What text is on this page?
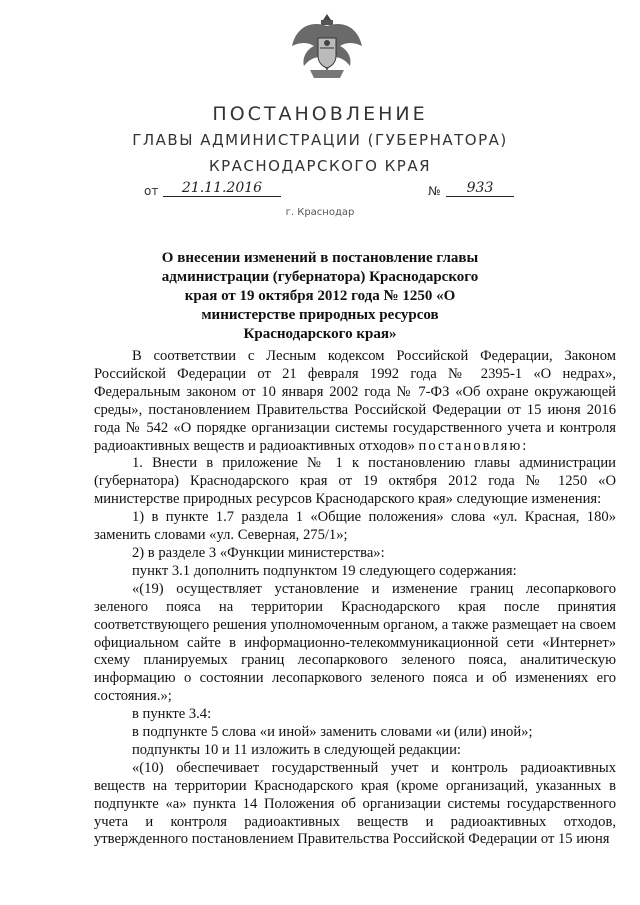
ПОСТАНОВЛЕНИЕ
ГЛАВЫ АДМИНИСТРАЦИИ (ГУБЕРНАТОРА)
КРАСНОДАРСКОГО КРАЯ
от	21.11.2016	№	933
г. Краснодар
О внесении изменений в постановление главы администрации (губернатора) Краснодарского края от 19 октября 2012 года № 1250 «О министерстве природных ресурсов Краснодарского края»

В соответствии с Лесным кодексом Российской Федерации, Законом Российской Федерации от 21 февраля 1992 года № 2395-1 «О недрах», Федеральным законом от 10 января 2002 года № 7-ФЗ «Об охране окружающей среды», постановлением Правительства Российской Федерации от 15 июня 2016 года № 542 «О порядке организации системы государственного учета и контроля радиоактивных веществ и радиоактивных отходов» постановляю:

1. Внести в приложение № 1 к постановлению главы администрации (губернатора) Краснодарского края от 19 октября 2012 года № 1250 «О министерстве природных ресурсов Краснодарского края» следующие изменения:

1) в пункте 1.7 раздела 1 «Общие положения» слова «ул. Красная, 180» заменить словами «ул. Северная, 275/1»;

2) в разделе 3 «Функции министерства»:

пункт 3.1 дополнить подпунктом 19 следующего содержания:

«(19) осуществляет установление и изменение границ лесопаркового зеленого пояса на территории Краснодарского края после принятия соответствующего решения уполномоченным органом, а также размещает на своем официальном сайте в информационно-телекоммуникационной сети «Интернет» схему планируемых границ лесопаркового зеленого пояса, аналитическую информацию о состоянии лесопаркового зеленого пояса и об изменениях его состояния.»;

в пункте 3.4:

в подпункте 5 слова «и иной» заменить словами «и (или) иной»;

подпункты 10 и 11 изложить в следующей редакции:

«(10) обеспечивает государственный учет и контроль радиоактивных веществ на территории Краснодарского края (кроме организаций, указанных в подпункте «а» пункта 14 Положения об организации системы государственного учета и контроля радиоактивных веществ и радиоактивных отходов, утвержденного постановлением Правительства Российской Федерации от 15 июня
